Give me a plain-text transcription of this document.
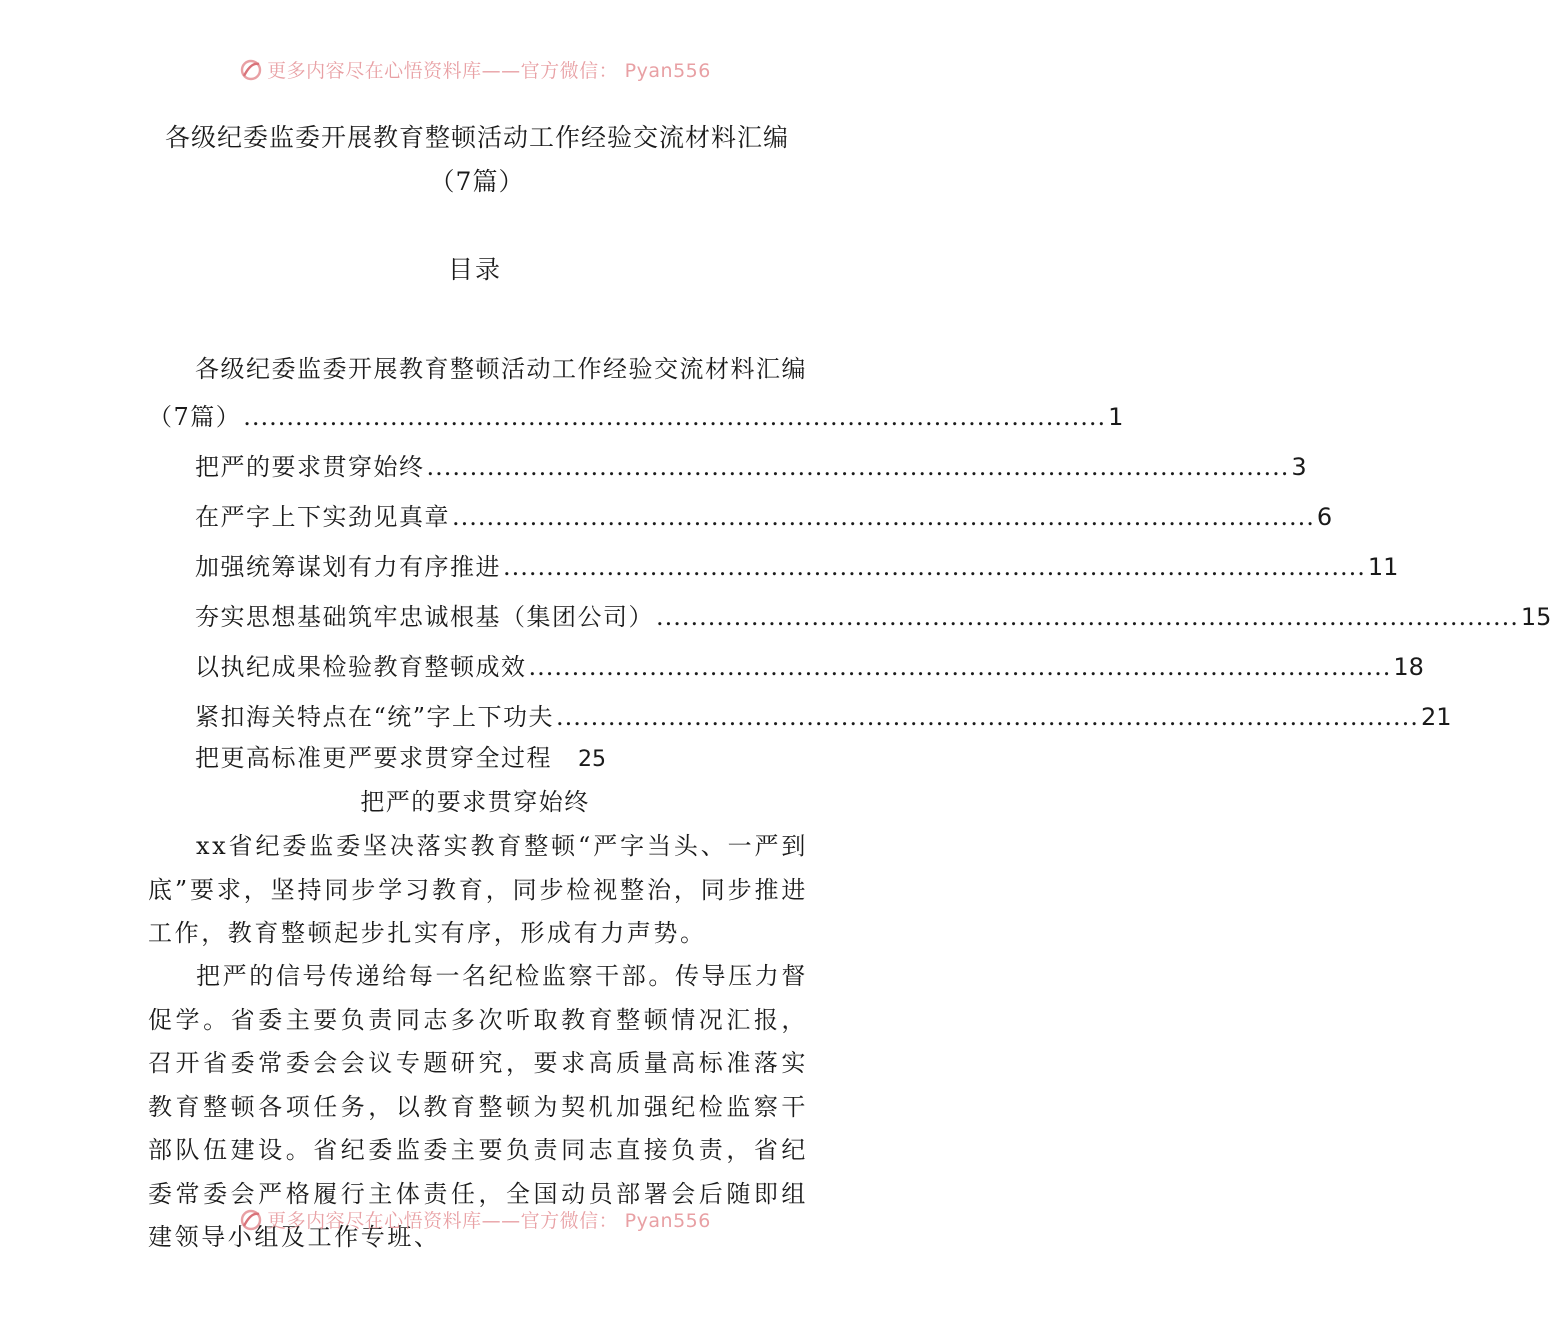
更多内容尽在心悟资料库——官方微信： Pyan556
各级纪委监委开展教育整顿活动工作经验交流材料汇编（7篇）
目录
各级纪委监委开展教育整顿活动工作经验交流材料汇编
（7篇） .................................................................................................... 1
把严的要求贯穿始终 .................................................................................................... 3
在严字上下实劲见真章 .................................................................................................... 6
加强统筹谋划有力有序推进 .................................................................................................... 11
夯实思想基础筑牢忠诚根基（集团公司） .................................................................................................... 15
以执纪成果检验教育整顿成效 .................................................................................................... 18
紧扣海关特点在“统”字上下功夫 .................................................................................................... 21
把更高标准更严要求贯穿全过程 25
把严的要求贯穿始终
xx省纪委监委坚决落实教育整顿“严字当头、一严到底”要求，坚持同步学习教育，同步检视整治，同步推进工作，教育整顿起步扎实有序，形成有力声势。
把严的信号传递给每一名纪检监察干部。传导压力督促学。省委主要负责同志多次听取教育整顿情况汇报，召开省委常委会会议专题研究，要求高质量高标准落实教育整顿各项任务，以教育整顿为契机加强纪检监察干部队伍建设。省纪委监委主要负责同志直接负责，省纪委常委会严格履行主体责任，全国动员部署会后随即组建领导小组及工作专班、
更多内容尽在心悟资料库——官方微信： Pyan556
